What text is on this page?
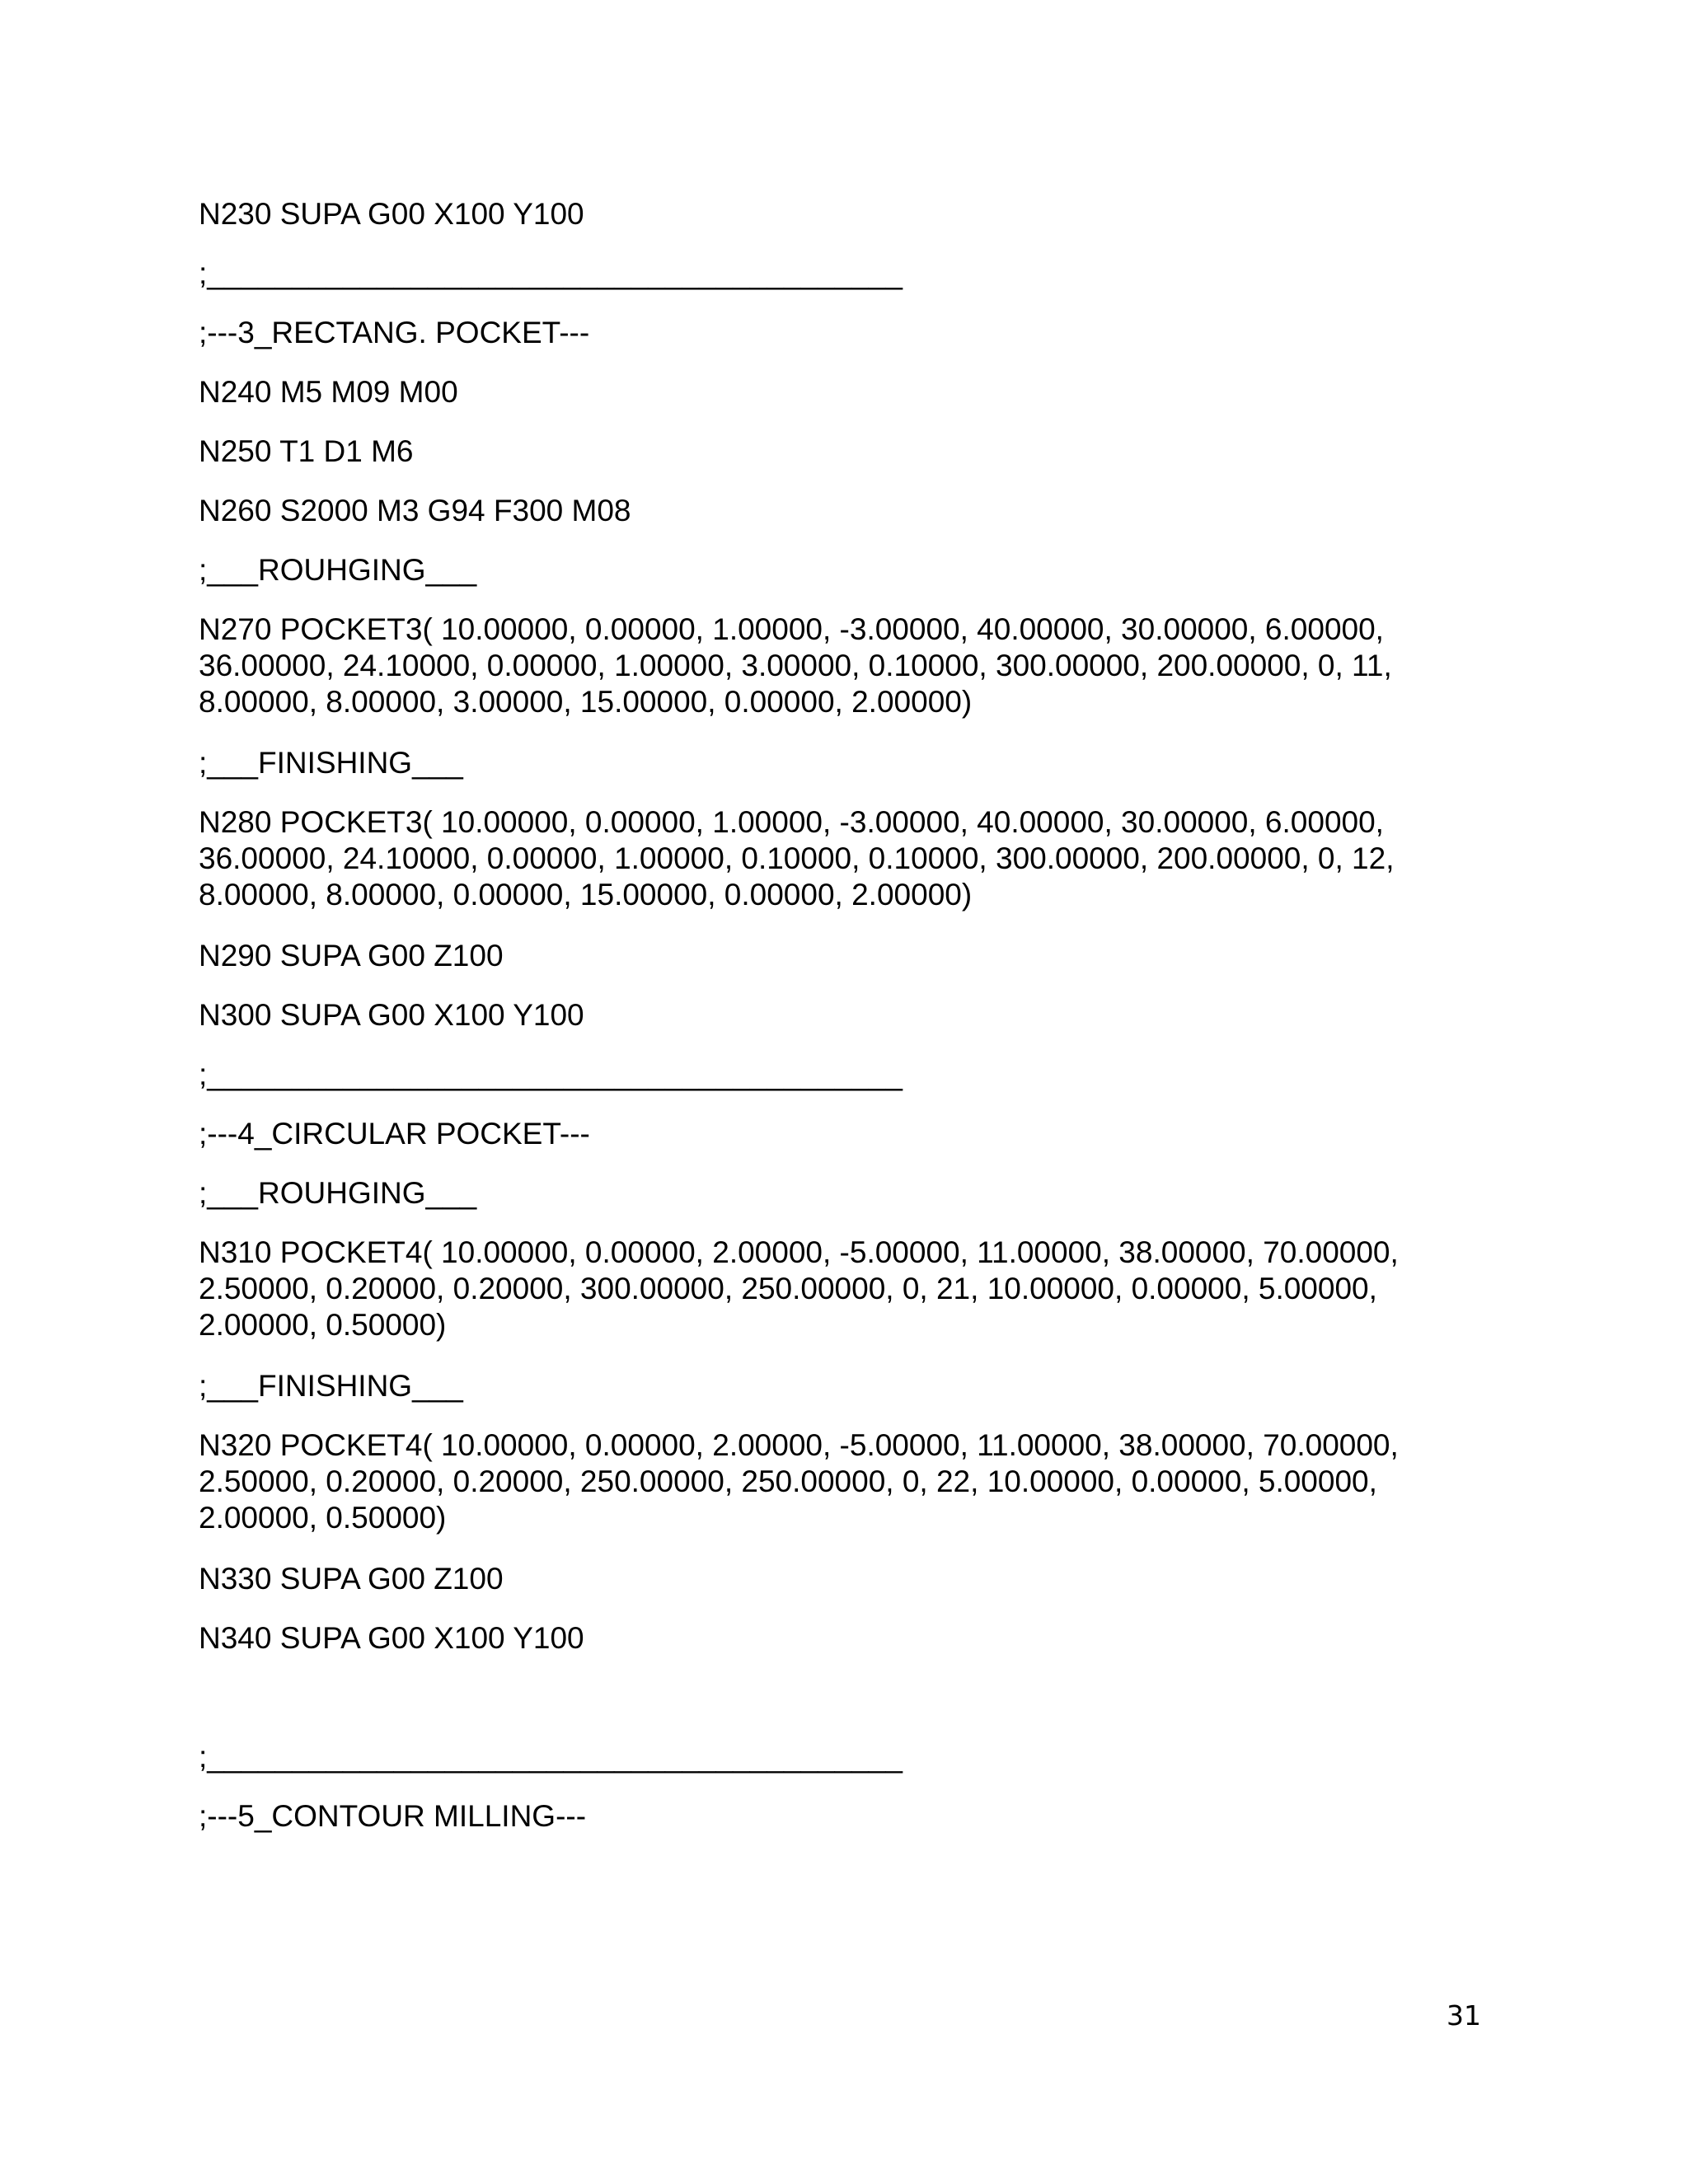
N230 SUPA G00 X100 Y100

;_________________________________________

;---3_RECTANG. POCKET---

N240 M5 M09 M00

N250 T1 D1 M6

N260 S2000 M3 G94 F300 M08

;___ROUHGING___

N270 POCKET3( 10.00000, 0.00000, 1.00000, -3.00000, 40.00000, 30.00000, 6.00000,
36.00000, 24.10000, 0.00000, 1.00000, 3.00000, 0.10000, 300.00000, 200.00000, 0, 11,
8.00000, 8.00000, 3.00000, 15.00000, 0.00000, 2.00000)

;___FINISHING___

N280 POCKET3( 10.00000, 0.00000, 1.00000, -3.00000, 40.00000, 30.00000, 6.00000,
36.00000, 24.10000, 0.00000, 1.00000, 0.10000, 0.10000, 300.00000, 200.00000, 0, 12,
8.00000, 8.00000, 0.00000, 15.00000, 0.00000, 2.00000)

N290 SUPA G00 Z100

N300 SUPA G00 X100 Y100

;_________________________________________

;---4_CIRCULAR POCKET---

;___ROUHGING___

N310 POCKET4( 10.00000, 0.00000, 2.00000, -5.00000, 11.00000, 38.00000, 70.00000,
2.50000, 0.20000, 0.20000, 300.00000, 250.00000, 0, 21, 10.00000, 0.00000, 5.00000,
2.00000, 0.50000)

;___FINISHING___

N320 POCKET4( 10.00000, 0.00000, 2.00000, -5.00000, 11.00000, 38.00000, 70.00000,
2.50000, 0.20000, 0.20000, 250.00000, 250.00000, 0, 22, 10.00000, 0.00000, 5.00000,
2.00000, 0.50000)

N330 SUPA G00 Z100

N340 SUPA G00 X100 Y100

;_________________________________________

;---5_CONTOUR MILLING---

31
